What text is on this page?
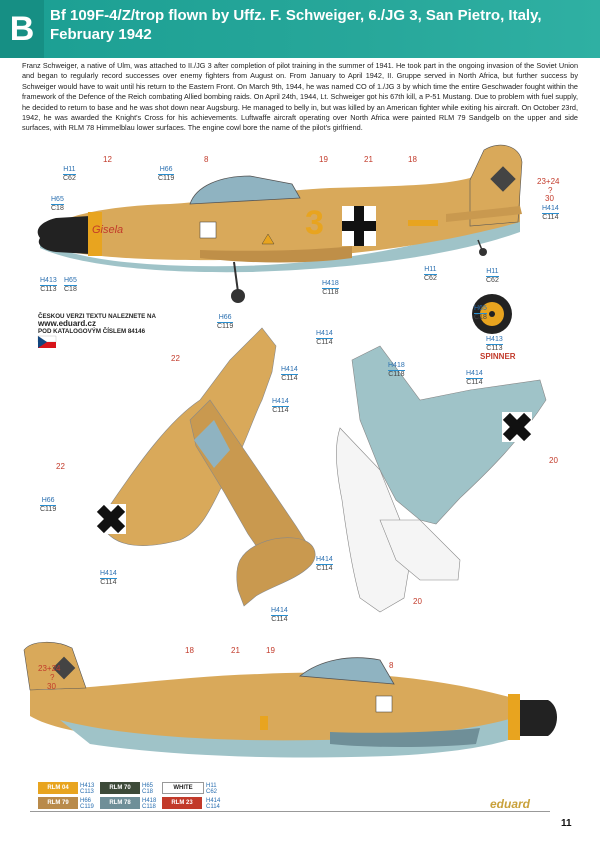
B	Bf 109F-4/Z/trop flown by Uffz. F. Schweiger, 6./JG 3, San Pietro, Italy, February 1942
Franz Schweiger, a native of Ulm, was attached to II./JG 3 after completion of pilot training in the summer of 1941. He took part in the ongoing invasion of the Soviet Union and began to regularly record successes over enemy fighters from August on. From January to April 1942, II. Gruppe served in North Africa, but further success by Schweiger would have to wait until his return to the Eastern Front. On March 9th, 1944, he was named CO of 1./JG 3 by which time the entire Geschwader fought within the framework of the Defence of the Reich combating Allied bombing raids. On April 24th, 1944, Lt. Schweiger got his 67th kill, a P-51 Mustang. Due to problem with fuel supply, he decided to return to base and he was shot down near Augsburg. He managed to belly in, but was killed by an American fighter while exiting his aircraft. On October 23rd, 1942, he was awarded the Knight's Cross for his achievements. Luftwaffe aircraft operating over North Africa were painted RLM 79 Sandgelb on the upper and side surfaces, with RLM 78 Himmelblau lower surfaces. The engine cowl bore the name of the pilot's girlfriend.
Gisela	3
H11
C62
H65
C18
H413
C113
H65
C18
H66
C119
H418
C118
H11
C62
H414
C114
H11
C62
H65
C18
H413
C113
H66
C119
H414
C114
H414
C114
H414
C114
H418
C118	H414
C114
H66
C119
H414
C114
H414
C114
H414
C114
12	8	19	21	18
23+24
?
30
22
22
20
20
18	21	19
8
23+24
?
30
ČESKOU VERZI TEXTU NALEZNETE NA
www.eduard.cz
POD KATALOGOVÝM ČÍSLEM 84146
SPINNER
RLM 04	H413
C113
RLM 70	H65
C18
WHITE	H11
C62
RLM 79	H66
C119
RLM 78	H418
C118
RLM 23	H414
C114	eduard
11
